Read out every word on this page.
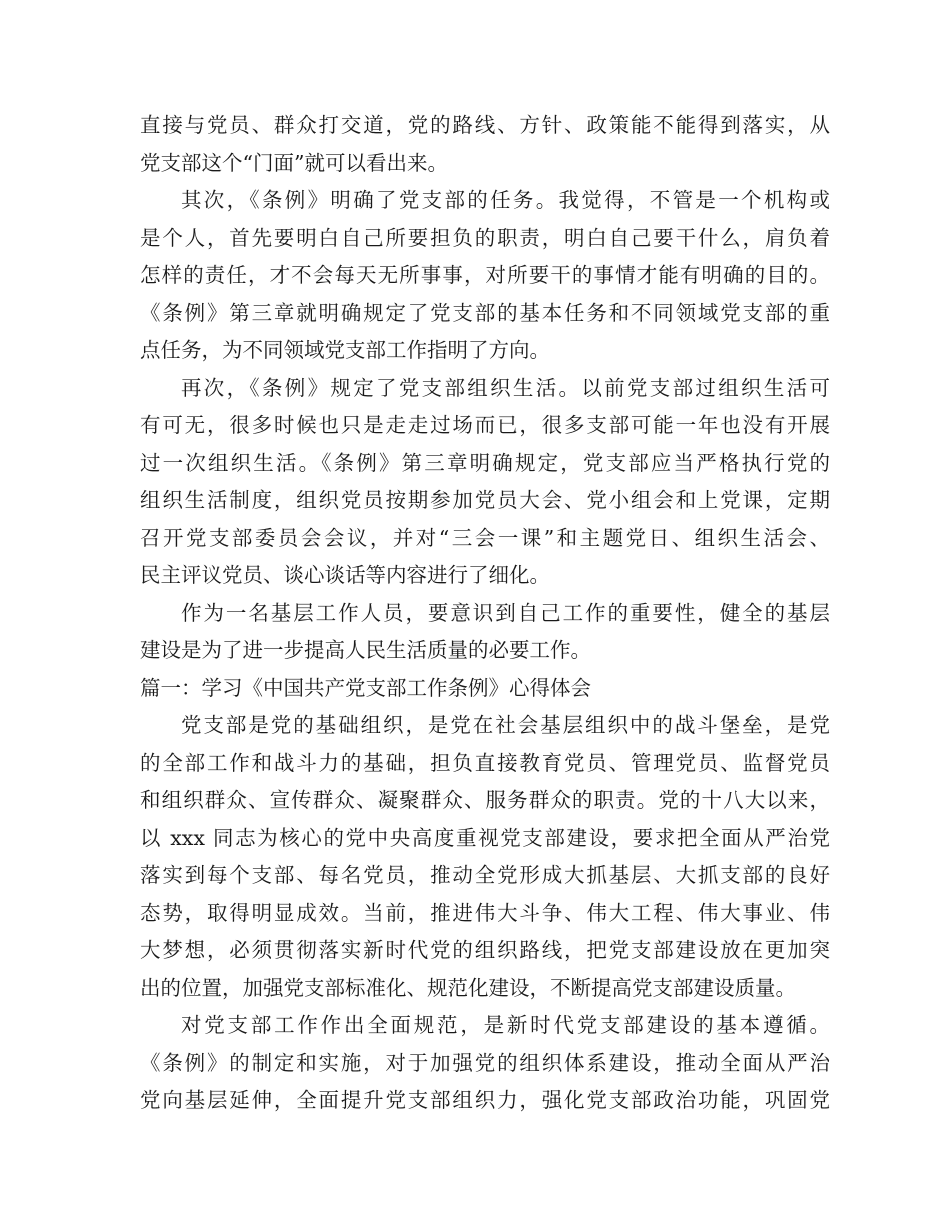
直接与党员、群众打交道，党的路线、方针、政策能不能得到落实，从
党支部这个“门面”就可以看出来。
其次，《条例》明确了党支部的任务。我觉得，不管是一个机构或
是个人，首先要明白自己所要担负的职责，明白自己要干什么，肩负着
怎样的责任，才不会每天无所事事，对所要干的事情才能有明确的目的。
《条例》第三章就明确规定了党支部的基本任务和不同领域党支部的重
点任务，为不同领域党支部工作指明了方向。
再次，《条例》规定了党支部组织生活。以前党支部过组织生活可
有可无，很多时候也只是走走过场而已，很多支部可能一年也没有开展
过一次组织生活。《条例》第三章明确规定，党支部应当严格执行党的
组织生活制度，组织党员按期参加党员大会、党小组会和上党课，定期
召开党支部委员会会议，并对“三会一课”和主题党日、组织生活会、
民主评议党员、谈心谈话等内容进行了细化。
作为一名基层工作人员，要意识到自己工作的重要性，健全的基层
建设是为了进一步提高人民生活质量的必要工作。
篇一：学习《中国共产党支部工作条例》心得体会
党支部是党的基础组织，是党在社会基层组织中的战斗堡垒，是党
的全部工作和战斗力的基础，担负直接教育党员、管理党员、监督党员
和组织群众、宣传群众、凝聚群众、服务群众的职责。党的十八大以来，
以 xxx 同志为核心的党中央高度重视党支部建设，要求把全面从严治党
落实到每个支部、每名党员，推动全党形成大抓基层、大抓支部的良好
态势，取得明显成效。当前，推进伟大斗争、伟大工程、伟大事业、伟
大梦想，必须贯彻落实新时代党的组织路线，把党支部建设放在更加突
出的位置，加强党支部标准化、规范化建设，不断提高党支部建设质量。
对党支部工作作出全面规范，是新时代党支部建设的基本遵循。
《条例》的制定和实施，对于加强党的组织体系建设，推动全面从严治
党向基层延伸，全面提升党支部组织力，强化党支部政治功能，巩固党
